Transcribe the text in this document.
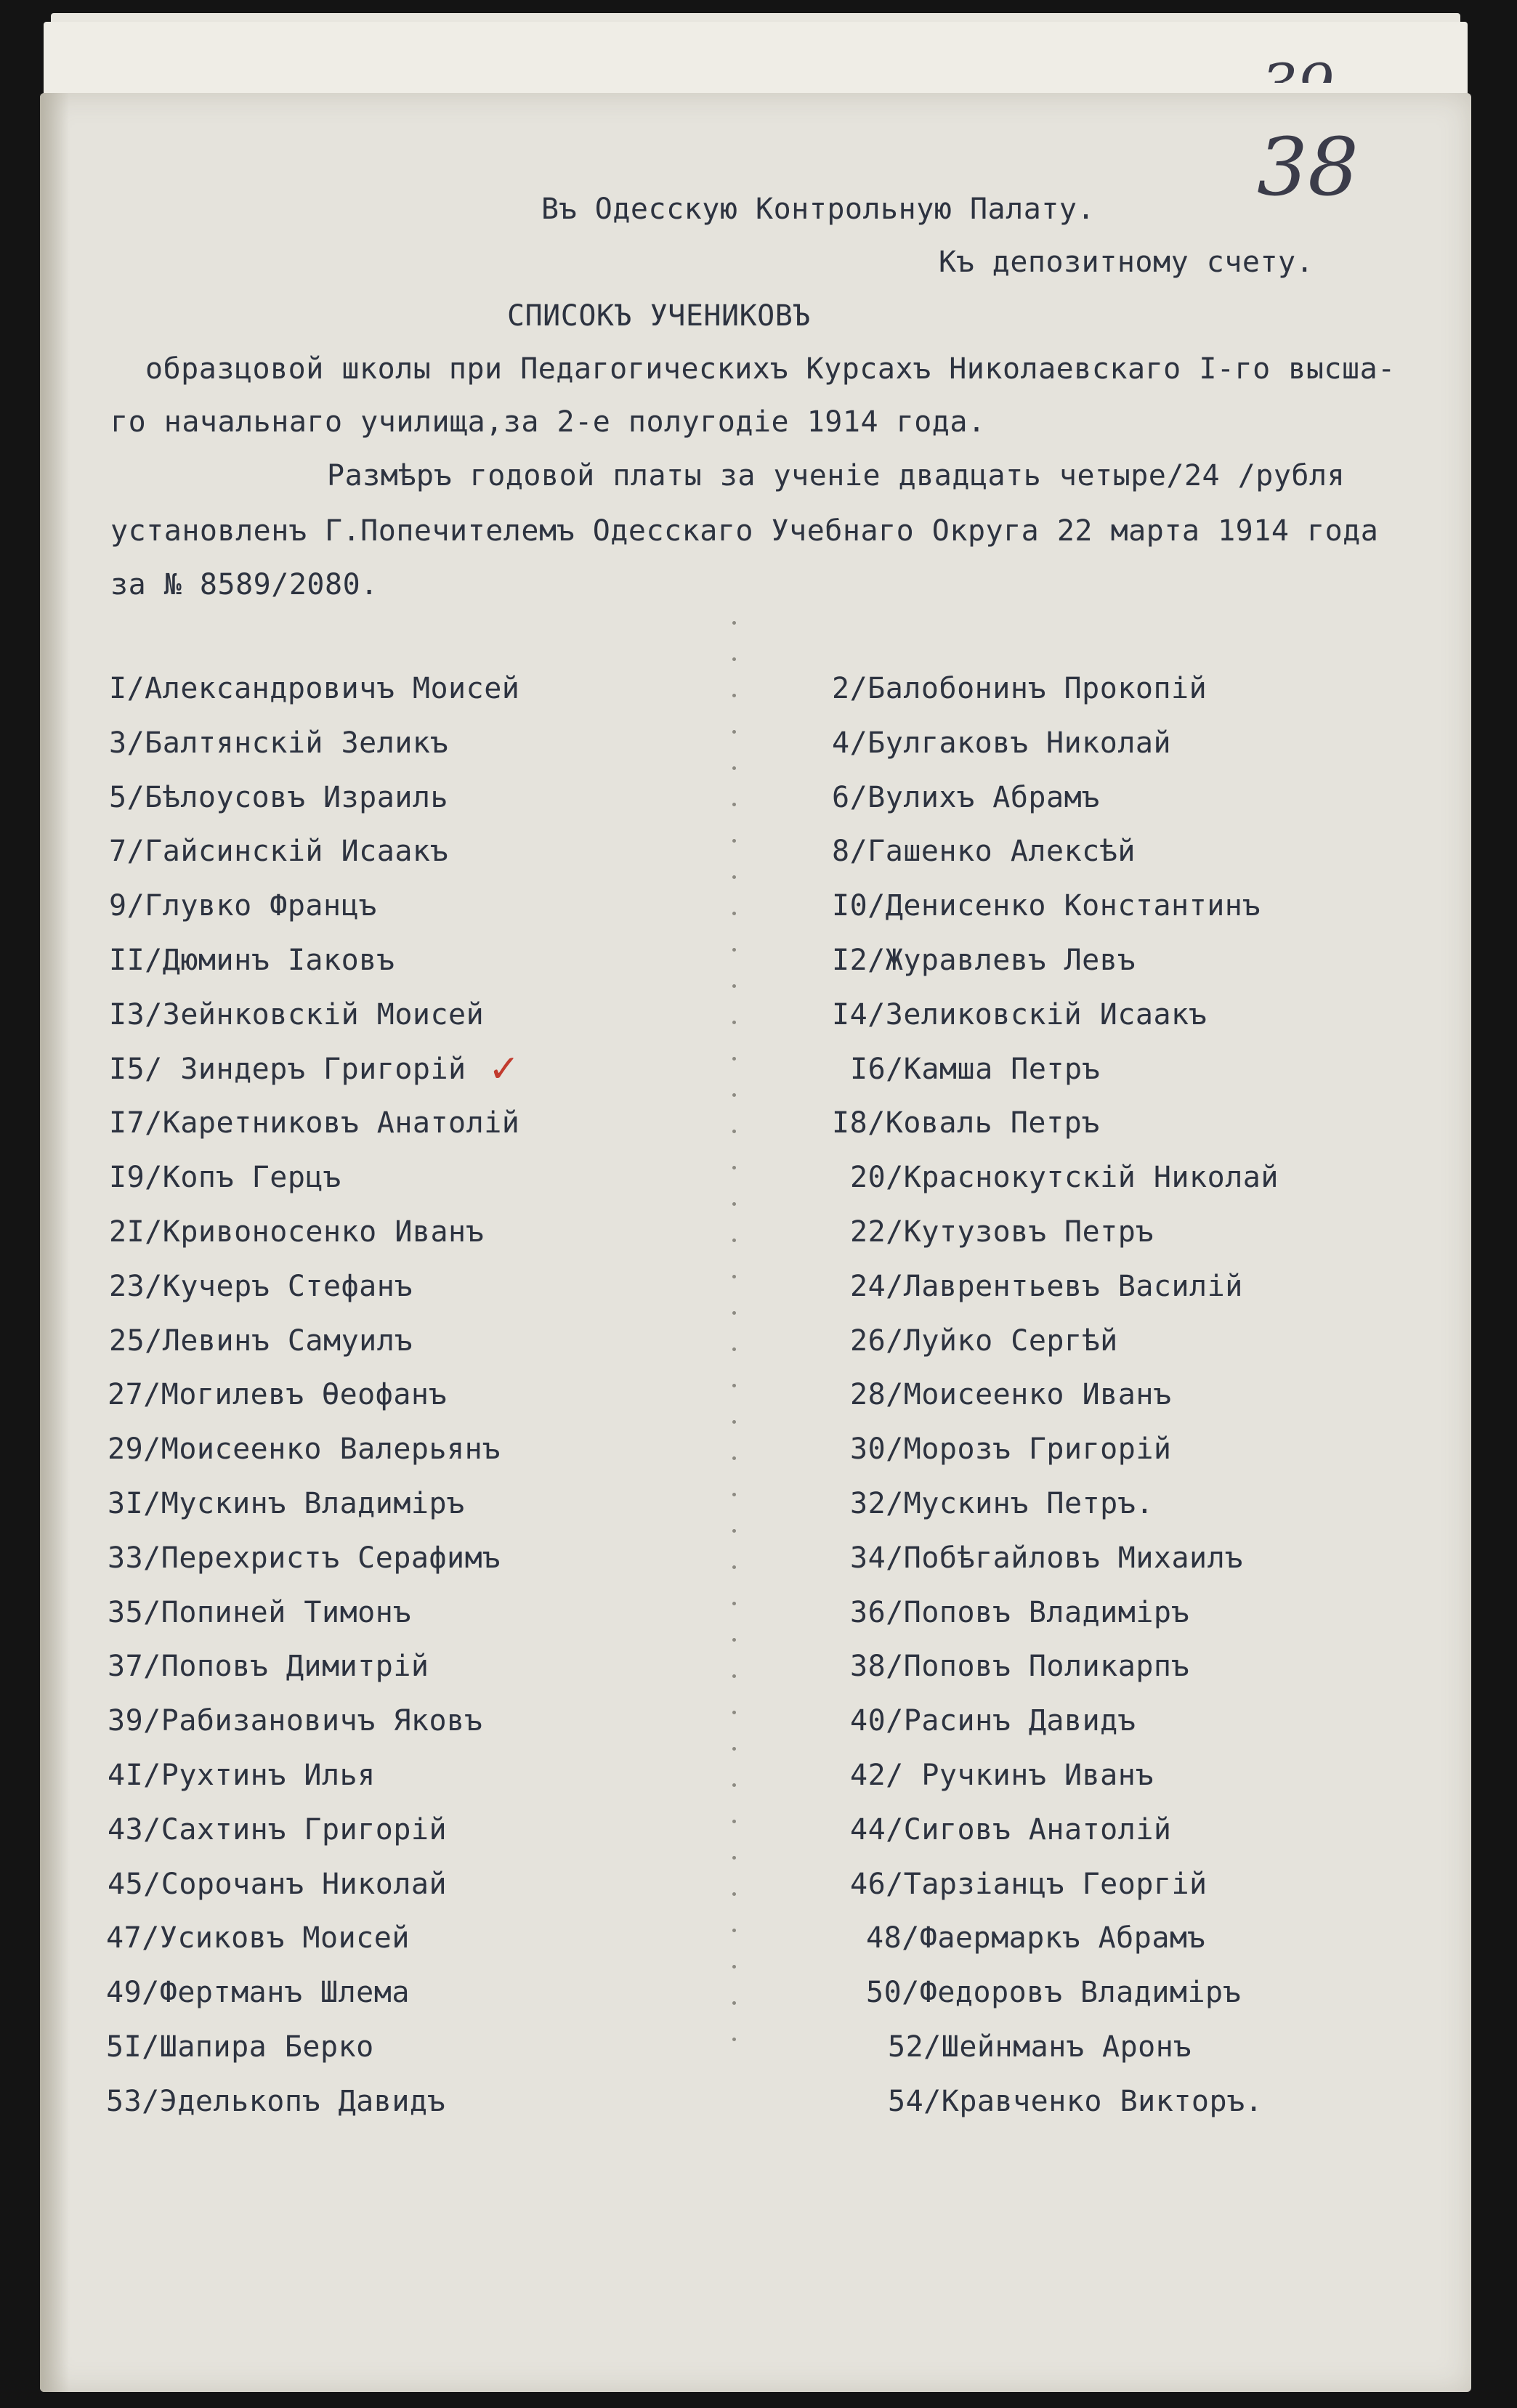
38
Въ Одесскую Контрольную Палату.
Къ депозитному счету.
СПИСОКЪ УЧЕНИКОВЪ
образцовой школы при Педагогическихъ Курсахъ Николаевскаго I-го высша-
го начальнаго училища,за 2-е полугодіе 1914 года.
Размѣръ годовой платы за ученіе двадцать четыре/24 /рубля
установленъ Г.Попечителемъ Одесскаго Учебнаго Округа 22 марта 1914 года
за № 8589/2080.
I/Александровичъ Моисей	2/Балобонинъ Прокопій
3/Балтянскій Зеликъ	4/Булгаковъ Николай
5/Бѣлоусовъ Израиль	6/Вулихъ Абрамъ
7/Гайсинскій Исаакъ	8/Гашенко Алексѣй
9/Глувко Францъ	I0/Денисенко Константинъ
II/Дюминъ Іаковъ	I2/Журавлевъ Левъ
I3/Зейнковскій Моисей	I4/Зеликовскій Исаакъ
I5/ Зиндеръ Григорій	I6/Камша Петръ
I7/Каретниковъ Анатолій	I8/Коваль Петръ
I9/Копъ Герцъ	20/Краснокутскій Николай
2I/Кривоносенко Иванъ	22/Кутузовъ Петръ
23/Кучеръ Стефанъ	24/Лаврентьевъ Василій
25/Левинъ Самуилъ	26/Луйко Сергѣй
27/Могилевъ Ѳеофанъ	28/Моисеенко Иванъ
29/Моисеенко Валерьянъ	30/Морозъ Григорій
3I/Мускинъ Владиміръ	32/Мускинъ Петръ.
33/Перехристъ Серафимъ	34/Побѣгайловъ Михаилъ
35/Попиней Тимонъ	36/Поповъ Владиміръ
37/Поповъ Димитрій	38/Поповъ Поликарпъ
39/Рабизановичъ Яковъ	40/Расинъ Давидъ
4I/Рухтинъ Илья	42/ Ручкинъ Иванъ
43/Сахтинъ Григорій	44/Сиговъ Анатолій
45/Сорочанъ Николай	46/Тарзіанцъ Георгій
47/Усиковъ Моисей	48/Фаермаркъ Абрамъ
49/Фертманъ Шлема	50/Федоровъ Владиміръ
5I/Шапира Берко	52/Шейнманъ Аронъ
53/Эделькопъ Давидъ	54/Кравченко Викторъ.
✓
